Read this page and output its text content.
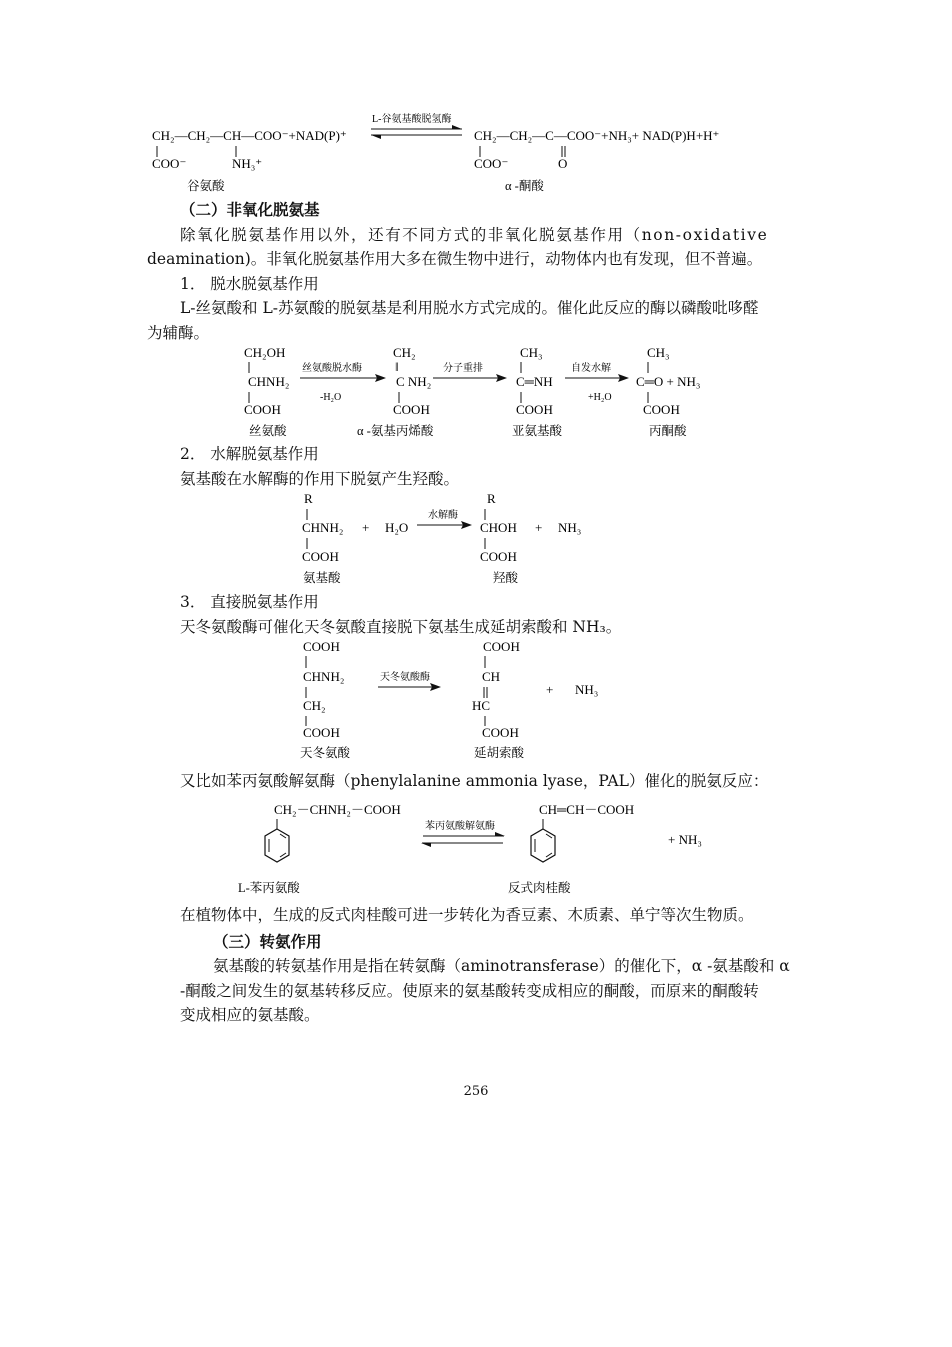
CH₂—CH₂—CH—COO⁻+NAD(P)⁺
COO⁻	NH₃⁺
L-谷氨基酸脱氢酶
CH₂—CH₂—C—COO⁻+NH₃+ NAD(P)H+H⁺
COO⁻	O
谷氨酸	α -酮酸
（二）非氧化脱氨基
除氧化脱氨基作用以外，还有不同方式的非氧化脱氨基作用（non-oxidative
deamination)。非氧化脱氨基作用大多在微生物中进行，动物体内也有发现，但不普遍。
1． 脱水脱氨基作用
L-丝氨酸和 L-苏氨酸的脱氨基是利用脱水方式完成的。催化此反应的酶以磷酸吡哆醛
为辅酶。
CH₂OH
CHNH₂
COOH
丝氨酸
丝氨酸脱水酶
-H₂O
CH₂
‖
C NH₂
COOH
α -氨基丙烯酸
分子重排
CH₃
C═NH
COOH
亚氨基酸
自发水解
+H₂O
CH₃
C═O + NH₃
COOH
丙酮酸
2． 水解脱氨基作用
氨基酸在水解酶的作用下脱氨产生羟酸。
R
CHNH₂
COOH
氨基酸
+ H₂O
水解酶
R
CHOH
COOH
羟酸
+ NH₃
3． 直接脱氨基作用
天冬氨酸酶可催化天冬氨酸直接脱下氨基生成延胡索酸和 NH₃。
COOH
CHNH₂
CH₂
COOH
天冬氨酸
天冬氨酸酶
COOH
CH
HC
COOH
延胡索酸
+ NH₃
又比如苯丙氨酸解氨酶（phenylalanine ammonia lyase，PAL）催化的脱氨反应：
CH₂－CHNH₂－COOH
L-苯丙氨酸
苯丙氨酸解氨酶
CH═CH－COOH
反式肉桂酸
+ NH₃
在植物体中，生成的反式肉桂酸可进一步转化为香豆素、木质素、单宁等次生物质。
（三）转氨作用
氨基酸的转氨基作用是指在转氨酶（aminotransferase）的催化下，α -氨基酸和 α
-酮酸之间发生的氨基转移反应。使原来的氨基酸转变成相应的酮酸，而原来的酮酸转
变成相应的氨基酸。
256
